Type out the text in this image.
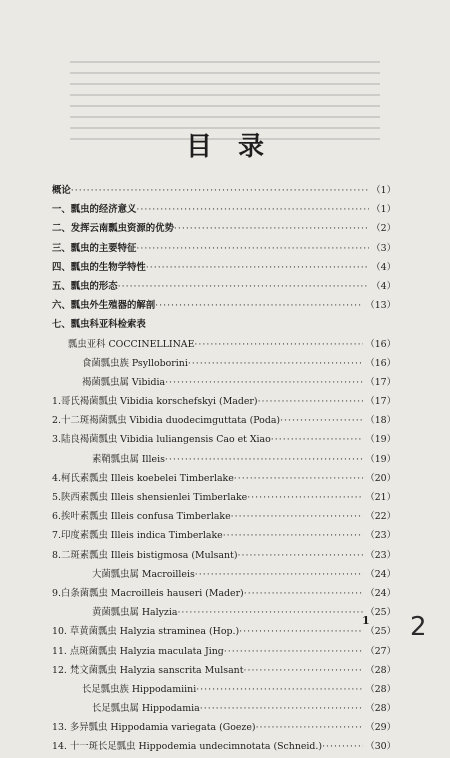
目录
概论 ·····	（1）
一、瓢虫的经济意义 ·····	（1）
二、发挥云南瓢虫资源的优势 ·····	（2）
三、瓢虫的主要特征 ·····	（3）
四、瓢虫的生物学特性 ·····	（4）
五、瓢虫的形态 ·····	（4）
六、瓢虫外生殖器的解剖 ·····	（13）
七、瓢虫科亚科检索表
瓢虫亚科 COCCINELLINAE ·····	（16）
食菌瓢虫族 Psylloborini ·····	（16）
褐菌瓢虫属 Vibidia ·····	（17）
1.哥氏褐菌瓢虫 Vibidia korschefskyi (Mader) ·····	（17）
2.十二斑褐菌瓢虫 Vibidia duodecimguttata (Poda) ·····	（18）
3.陆良褐菌瓢虫 Vibidia luliangensis Cao et Xiao ·····	（19）
素鞘瓢虫属 Illeis ·····	（19）
4.柯氏素瓢虫 Illeis koebelei Timberlake ·····	（20）
5.陕西素瓢虫 Illeis shensienlei Timberlake ·····	（21）
6.挨叶素瓢虫 Illeis confusa Timberlake ·····	（22）
7.印度素瓢虫 Illeis indica Timberlake ·····	（23）
8.二斑素瓢虫 Illeis bistigmosa (Mulsant) ·····	（23）
大菌瓢虫属 Macroilleis ·····	（24）
9.白条菌瓢虫 Macroilleis hauseri (Mader) ·····	（24）
黄菌瓢虫属 Halyzia ·····	（25）
10. 草黄菌瓢虫 Halyzia straminea (Hop.) ·····	（25）
11. 点斑菌瓢虫 Halyzia maculata Jing ·····	（27）
12. 梵文菌瓢虫 Halyzia sanscrita Mulsant ·····	（28）
长足瓢虫族 Hippodamiini ·····	（28）
长足瓢虫属 Hippodamia ·····	（28）
13. 多异瓢虫 Hippodamia variegata (Goeze) ·····	（29）
14. 十一斑长足瓢虫 Hippodemia undecimnotata (Schneid.) ·····	（30）
1 2
